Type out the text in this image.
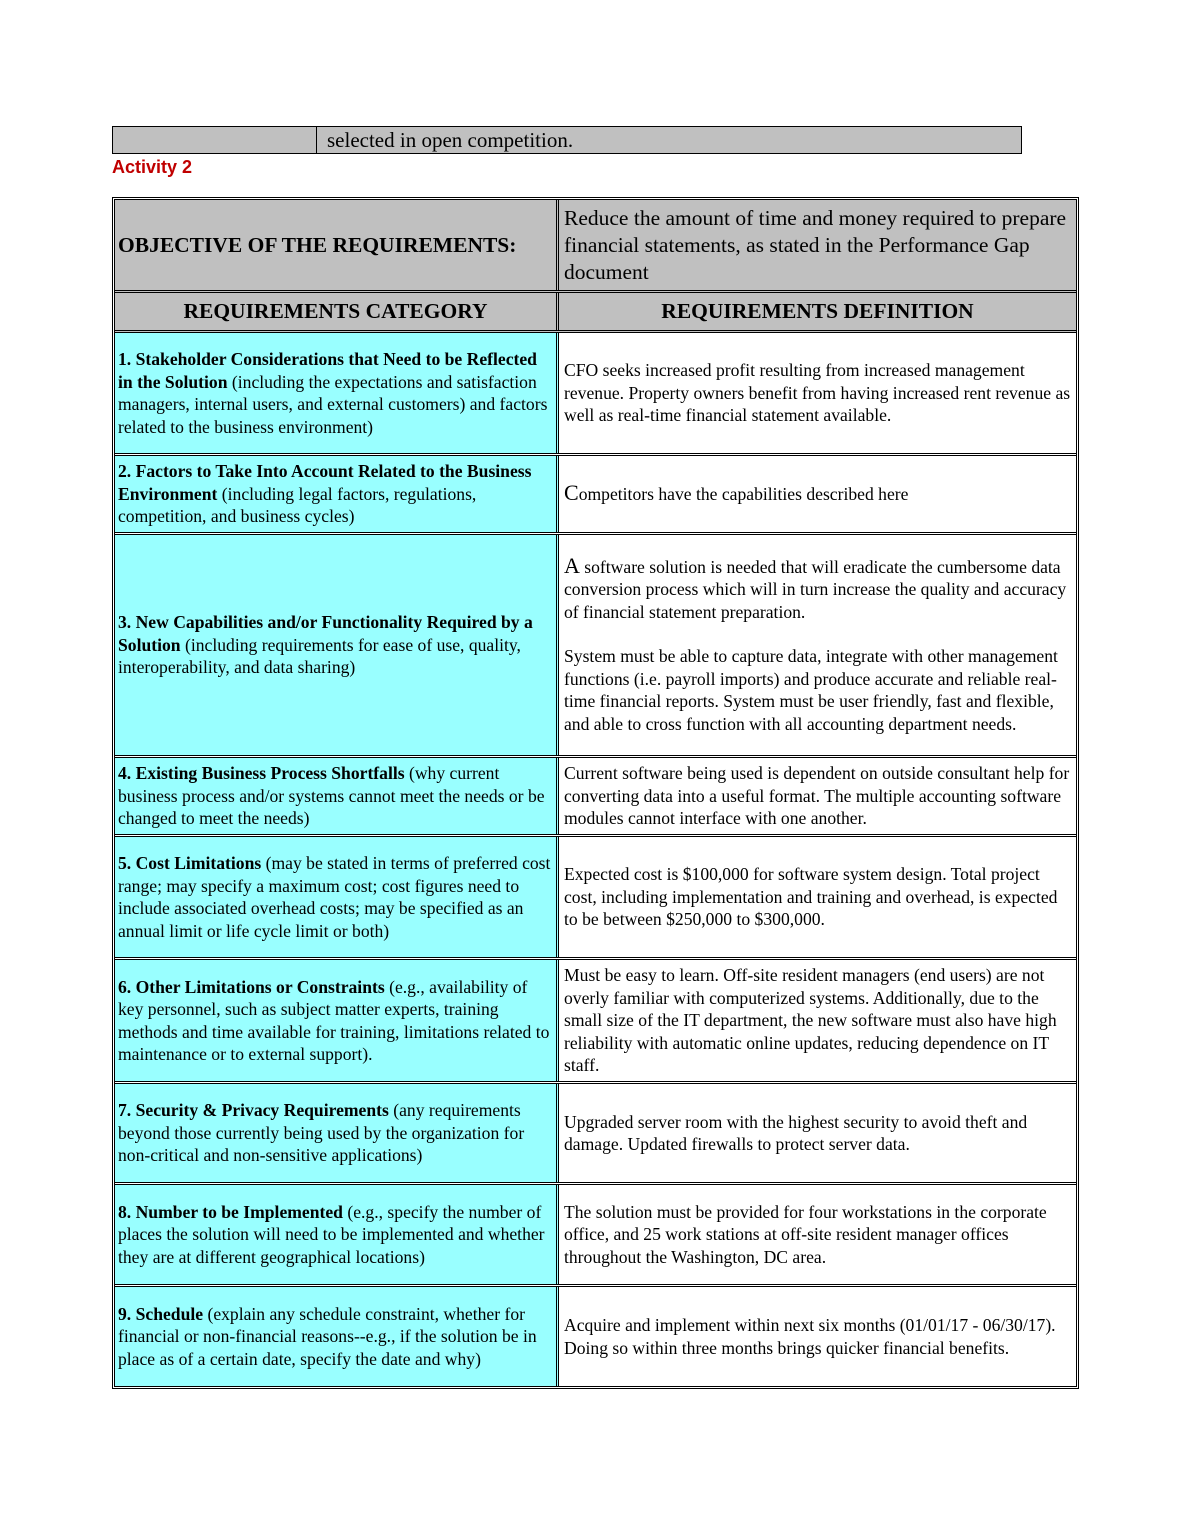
selected in open competition.
Activity 2
OBJECTIVE OF THE REQUIREMENTS:
Reduce the amount of time and money required to prepare financial statements, as stated in the Performance Gap document
REQUIREMENTS CATEGORY	REQUIREMENTS DEFINITION
1. Stakeholder Considerations that Need to be Reflected in the Solution (including the expectations and satisfaction managers, internal users, and external customers) and factors related to the business environment)

CFO seeks increased profit resulting from increased management revenue. Property owners benefit from having increased rent revenue as well as real-time financial statement available.

2. Factors to Take Into Account Related to the Business Environment (including legal factors, regulations, competition, and business cycles)

Competitors have the capabilities described here

3. New Capabilities and/or Functionality Required by a Solution (including requirements for ease of use, quality, interoperability, and data sharing)

A software solution is needed that will eradicate the cumbersome data conversion process which will in turn increase the quality and accuracy of financial statement preparation.

System must be able to capture data, integrate with other management functions (i.e. payroll imports) and produce accurate and reliable real-time financial reports. System must be user friendly, fast and flexible, and able to cross function with all accounting department needs.

4. Existing Business Process Shortfalls (why current business process and/or systems cannot meet the needs or be changed to meet the needs)

Current software being used is dependent on outside consultant help for converting data into a useful format. The multiple accounting software modules cannot interface with one another.

5. Cost Limitations (may be stated in terms of preferred cost range; may specify a maximum cost; cost figures need to include associated overhead costs; may be specified as an annual limit or life cycle limit or both)

Expected cost is $100,000 for software system design. Total project cost, including implementation and training and overhead, is expected to be between $250,000 to $300,000.

6. Other Limitations or Constraints (e.g., availability of key personnel, such as subject matter experts, training methods and time available for training, limitations related to maintenance or to external support).

Must be easy to learn. Off-site resident managers (end users) are not overly familiar with computerized systems. Additionally, due to the small size of the IT department, the new software must also have high reliability with automatic online updates, reducing dependence on IT staff.

7. Security & Privacy Requirements (any requirements beyond those currently being used by the organization for non-critical and non-sensitive applications)

Upgraded server room with the highest security to avoid theft and damage. Updated firewalls to protect server data.

8. Number to be Implemented (e.g., specify the number of places the solution will need to be implemented and whether they are at different geographical locations)

The solution must be provided for four workstations in the corporate office, and 25 work stations at off-site resident manager offices throughout the Washington, DC area.

9. Schedule (explain any schedule constraint, whether for financial or non-financial reasons--e.g., if the solution be in place as of a certain date, specify the date and why)

Acquire and implement within next six months (01/01/17 - 06/30/17). Doing so within three months brings quicker financial benefits.
